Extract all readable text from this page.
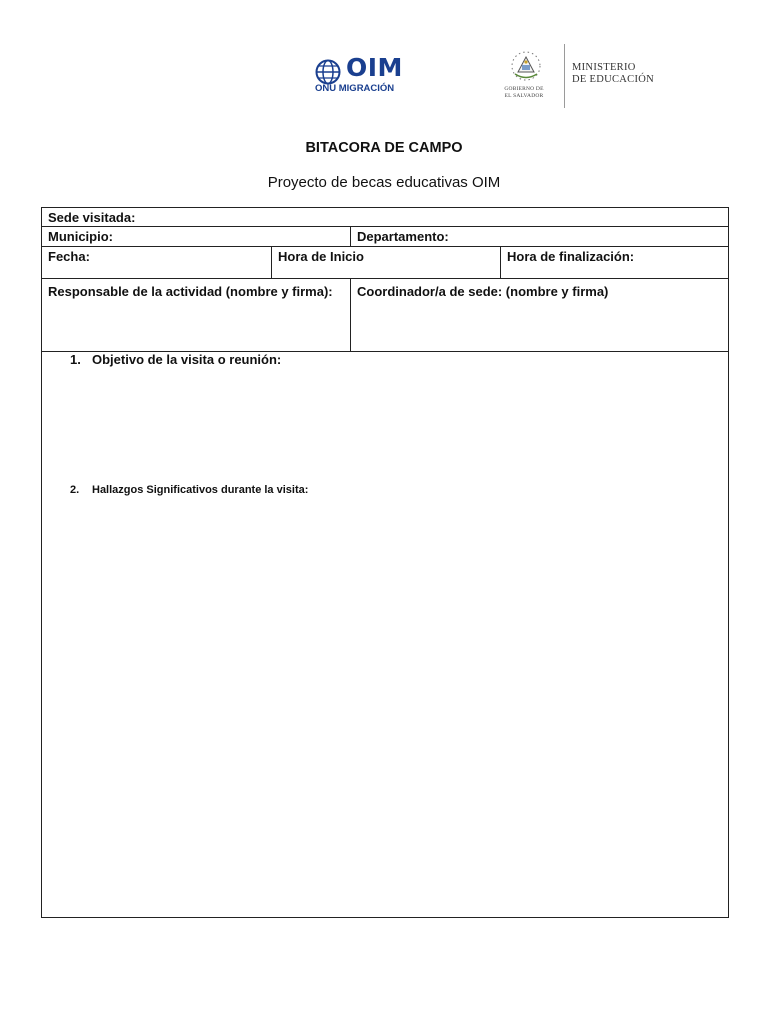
OIM
ONU MIGRACIÓN	GOBIERNO DE
EL SALVADOR
MINISTERIO
DE EDUCACIÓN
BITACORA DE CAMPO
Proyecto de becas educativas OIM
Sede visitada:
Municipio:	Departamento:
Fecha:	Hora de Inicio	Hora de finalización:
Responsable de la actividad (nombre y firma):	Coordinador/a de sede: (nombre y firma)
1. Objetivo de la visita o reunión:
2. Hallazgos Significativos durante la visita:
